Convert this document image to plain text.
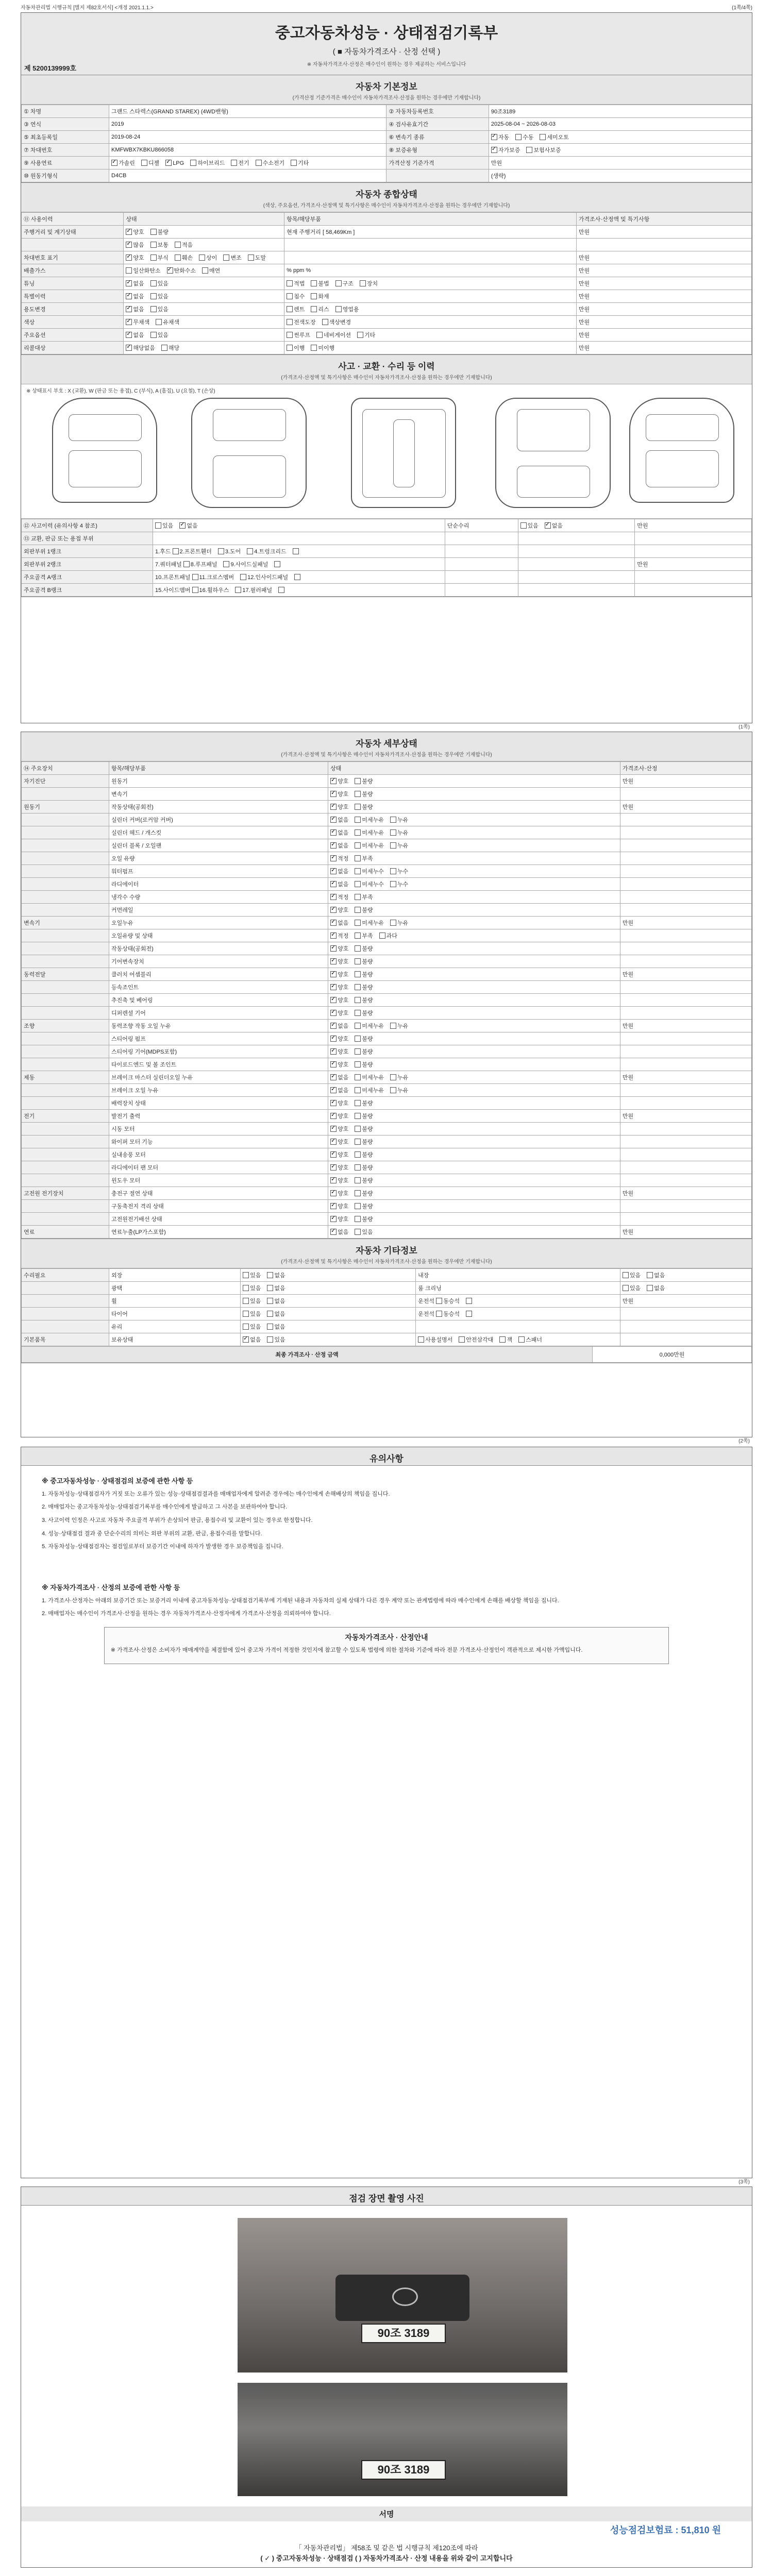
자동차관리법 시행규칙 [별지 제82호서식] <개정 2021.1.1.>	(1쪽/4쪽)
중고자동차성능 · 상태점검기록부
( ■ 자동차가격조사 · 산정 선택 )
※ 자동차가격조사·산정은 매수인이 원하는 경우 제공하는 서비스입니다
제 5200139999호
자동차 기본정보
(가격산정 기준가격은 매수인이 자동차가격조사·산정을 원하는 경우에만 기재합니다)
① 차명	그랜드 스타렉스(GRAND STAREX) (4WD밴형)	② 자동차등록번호	90조3189
③ 연식	2019	④ 검사유효기간	2025-08-04 ~ 2026-08-03
⑤ 최초등록일	2019-08-24	⑥ 변속기 종류	✓자동 수동 세미오토
⑦ 차대번호	KMFWBX7KBKU866058	⑧ 보증유형	✓자가보증 보험사보증
⑨ 사용연료	✓가솔린 디젤 ✓ LPG 하이브리드 전기 수소전기 기타	가격산정 기준가격	만원
⑩ 원동기형식	D4CB		(생략)
자동차 종합상태
(색상, 주요옵션, 가격조사·산정액 및 특기사항은 매수인이 자동차가격조사·산정을 원하는 경우에만 기재합니다)
⑪ 사용이력	상태	항목/해당부품	가격조사·산정액 및 특기사항
주행거리 및 계기상태	✓양호 불량	현재 주행거리 [ 58,469Km ]	만원
	✓많음 보통 적음		
차대번호 표기	✓양호 부식 훼손 상이 변조 도말		만원
배출가스	일산화탄소 ✓ 탄화수소 매연	% ppm %	만원
튜닝	✓없음 있음	적법 불법 구조 장치	만원
특별이력	✓없음 있음	침수 화재	만원
용도변경	✓없음 있음	렌트 리스 영업용	만원
색상	✓무채색 유채색	전색도장 색상변경	만원
주요옵션	✓없음 있음	썬루프 네비게이션 기타	만원
리콜대상	✓해당없음 해당	이행 미이행	만원
사고 · 교환 · 수리 등 이력
(가격조사·산정액 및 특기사항은 매수인이 자동차가격조사·산정을 원하는 경우에만 기재합니다)
※ 상태표시 부호 : X (교환), W (판금 또는 용접), C (부식), A (흠집), U (요철), T (손상)
⑫ 사고이력 (유의사항 4 참조)	있음 ✓ 없음	단순수리	있음 ✓ 없음	만원
⑬ 교환, 판금 또는 용접 부위				
외판부위 1랭크	1.후드 2.프론트휀더 3.도어 4.트렁크리드			
외판부위 2랭크	7.쿼터패널 8.루프패널 9.사이드실패널			만원
주요골격 A랭크	10.프론트패널 11.크로스멤버 12.인사이드패널			
주요골격 B랭크	15.사이드멤버 16.휠하우스 17.필러패널			
(1쪽)
자동차 세부상태
(가격조사·산정액 및 특기사항은 매수인이 자동차가격조사·산정을 원하는 경우에만 기재합니다)
⑭ 주요장치	항목/해당부품	상태	가격조사·산정
자기진단	원동기	✓양호 불량	만원
	변속기	✓양호 불량	
원동기	작동상태(공회전)	✓양호 불량	만원
	실린더 커버(로커암 커버)	✓없음 미세누유 누유	
	실린더 헤드 / 개스킷	✓없음 미세누유 누유	
	실린더 블록 / 오일팬	✓없음 미세누유 누유	
	오일 유량	✓적정 부족	
	워터펌프	✓없음 미세누수 누수	
	라디에이터	✓없음 미세누수 누수	
	냉각수 수량	✓적정 부족	
	커먼레일	✓양호 불량	
변속기	오일누유	✓없음 미세누유 누유	만원
	오일유량 및 상태	✓적정 부족 과다	
	작동상태(공회전)	✓양호 불량	
	기어변속장치	✓양호 불량	
동력전달	클러치 어셈블리	✓양호 불량	만원
	등속조인트	✓양호 불량	
	추진축 및 베어링	✓양호 불량	
	디퍼렌셜 기어	✓양호 불량	
조향	동력조향 작동 오일 누유	✓없음 미세누유 누유	만원
	스티어링 펌프	✓양호 불량	
	스티어링 기어(MDPS포함)	✓양호 불량	
	타이로드엔드 및 볼 조인트	✓양호 불량	
제동	브레이크 마스터 실린더오일 누유	✓없음 미세누유 누유	만원
	브레이크 오일 누유	✓없음 미세누유 누유	
	배력장치 상태	✓양호 불량	
전기	발전기 출력	✓양호 불량	만원
	시동 모터	✓양호 불량	
	와이퍼 모터 기능	✓양호 불량	
	실내송풍 모터	✓양호 불량	
	라디에이터 팬 모터	✓양호 불량	
	윈도우 모터	✓양호 불량	
고전원 전기장치	충전구 절연 상태	✓양호 불량	만원
	구동축전지 격리 상태	✓양호 불량	
	고전원전기배선 상태	✓양호 불량	
연료	연료누출(LP가스포함)	✓없음 있음	만원
자동차 기타정보
(가격조사·산정액 및 특기사항은 매수인이 자동차가격조사·산정을 원하는 경우에만 기재합니다)
수리필요	외장	있음 없음	내장	있음 없음
	광택	있음 없음	룸 크리닝	있음 없음
	휠	있음 없음	운전석 동승석	만원
	타이어	있음 없음	운전석 동승석	
	유리	있음 없음		
기본품목	보유상태	✓없음 있음	사용설명서 안전삼각대 잭 스패너	
최종 가격조사 · 산정 금액	0,000만원
(2쪽)
유의사항
※ 중고자동차성능 · 상태점검의 보증에 관한 사항 등

1. 자동차성능·상태점검자가 거짓 또는 오류가 있는 성능·상태점검결과를 매매업자에게 알려준 경우에는 매수인에게 손해배상의 책임을 집니다.

2. 매매업자는 중고자동차성능·상태점검기록부를 매수인에게 발급하고 그 사본을 보관하여야 합니다.

3. 사고이력 인정은 사고로 자동차 주요골격 부위가 손상되어 판금, 용접수리 및 교환이 있는 경우로 한정합니다.

4. 성능·상태점검 결과 중 단순수리의 의미는 외판 부위의 교환, 판금, 용접수리를 말합니다.

5. 자동차성능·상태점검자는 점검일로부터 보증기간 이내에 하자가 발생한 경우 보증책임을 집니다.

※ 자동차가격조사 · 산정의 보증에 관한 사항 등

1. 가격조사·산정자는 아래의 보증기간 또는 보증거리 이내에 중고자동차성능·상태점검기록부에 기재된 내용과 자동차의 실제 상태가 다른 경우 계약 또는 관계법령에 따라 매수인에게 손해를 배상할 책임을 집니다.

2. 매매업자는 매수인이 가격조사·산정을 원하는 경우 자동차가격조사·산정자에게 가격조사·산정을 의뢰하여야 합니다.

자동차가격조사 · 산정안내

※ 가격조사·산정은 소비자가 매매계약을 체결함에 있어 중고차 가격이 적정한 것인지에 참고할 수 있도록 법령에 의한 절차와 기준에 따라 전문 가격조사·산정인이 객관적으로 제시한 가액입니다.

(3쪽)
점검 장면 촬영 사진
90조 3189
90조 3189
서명
성능점검보험료 : 51,810 원
「 자동차관리법」 제58조 및 같은 법 시행규칙 제120조에 따라
( ✓ ) 중고자동차성능 · 상태점검 ( ) 자동차가격조사 · 산정 내용을 위와 같이 고지합니다
